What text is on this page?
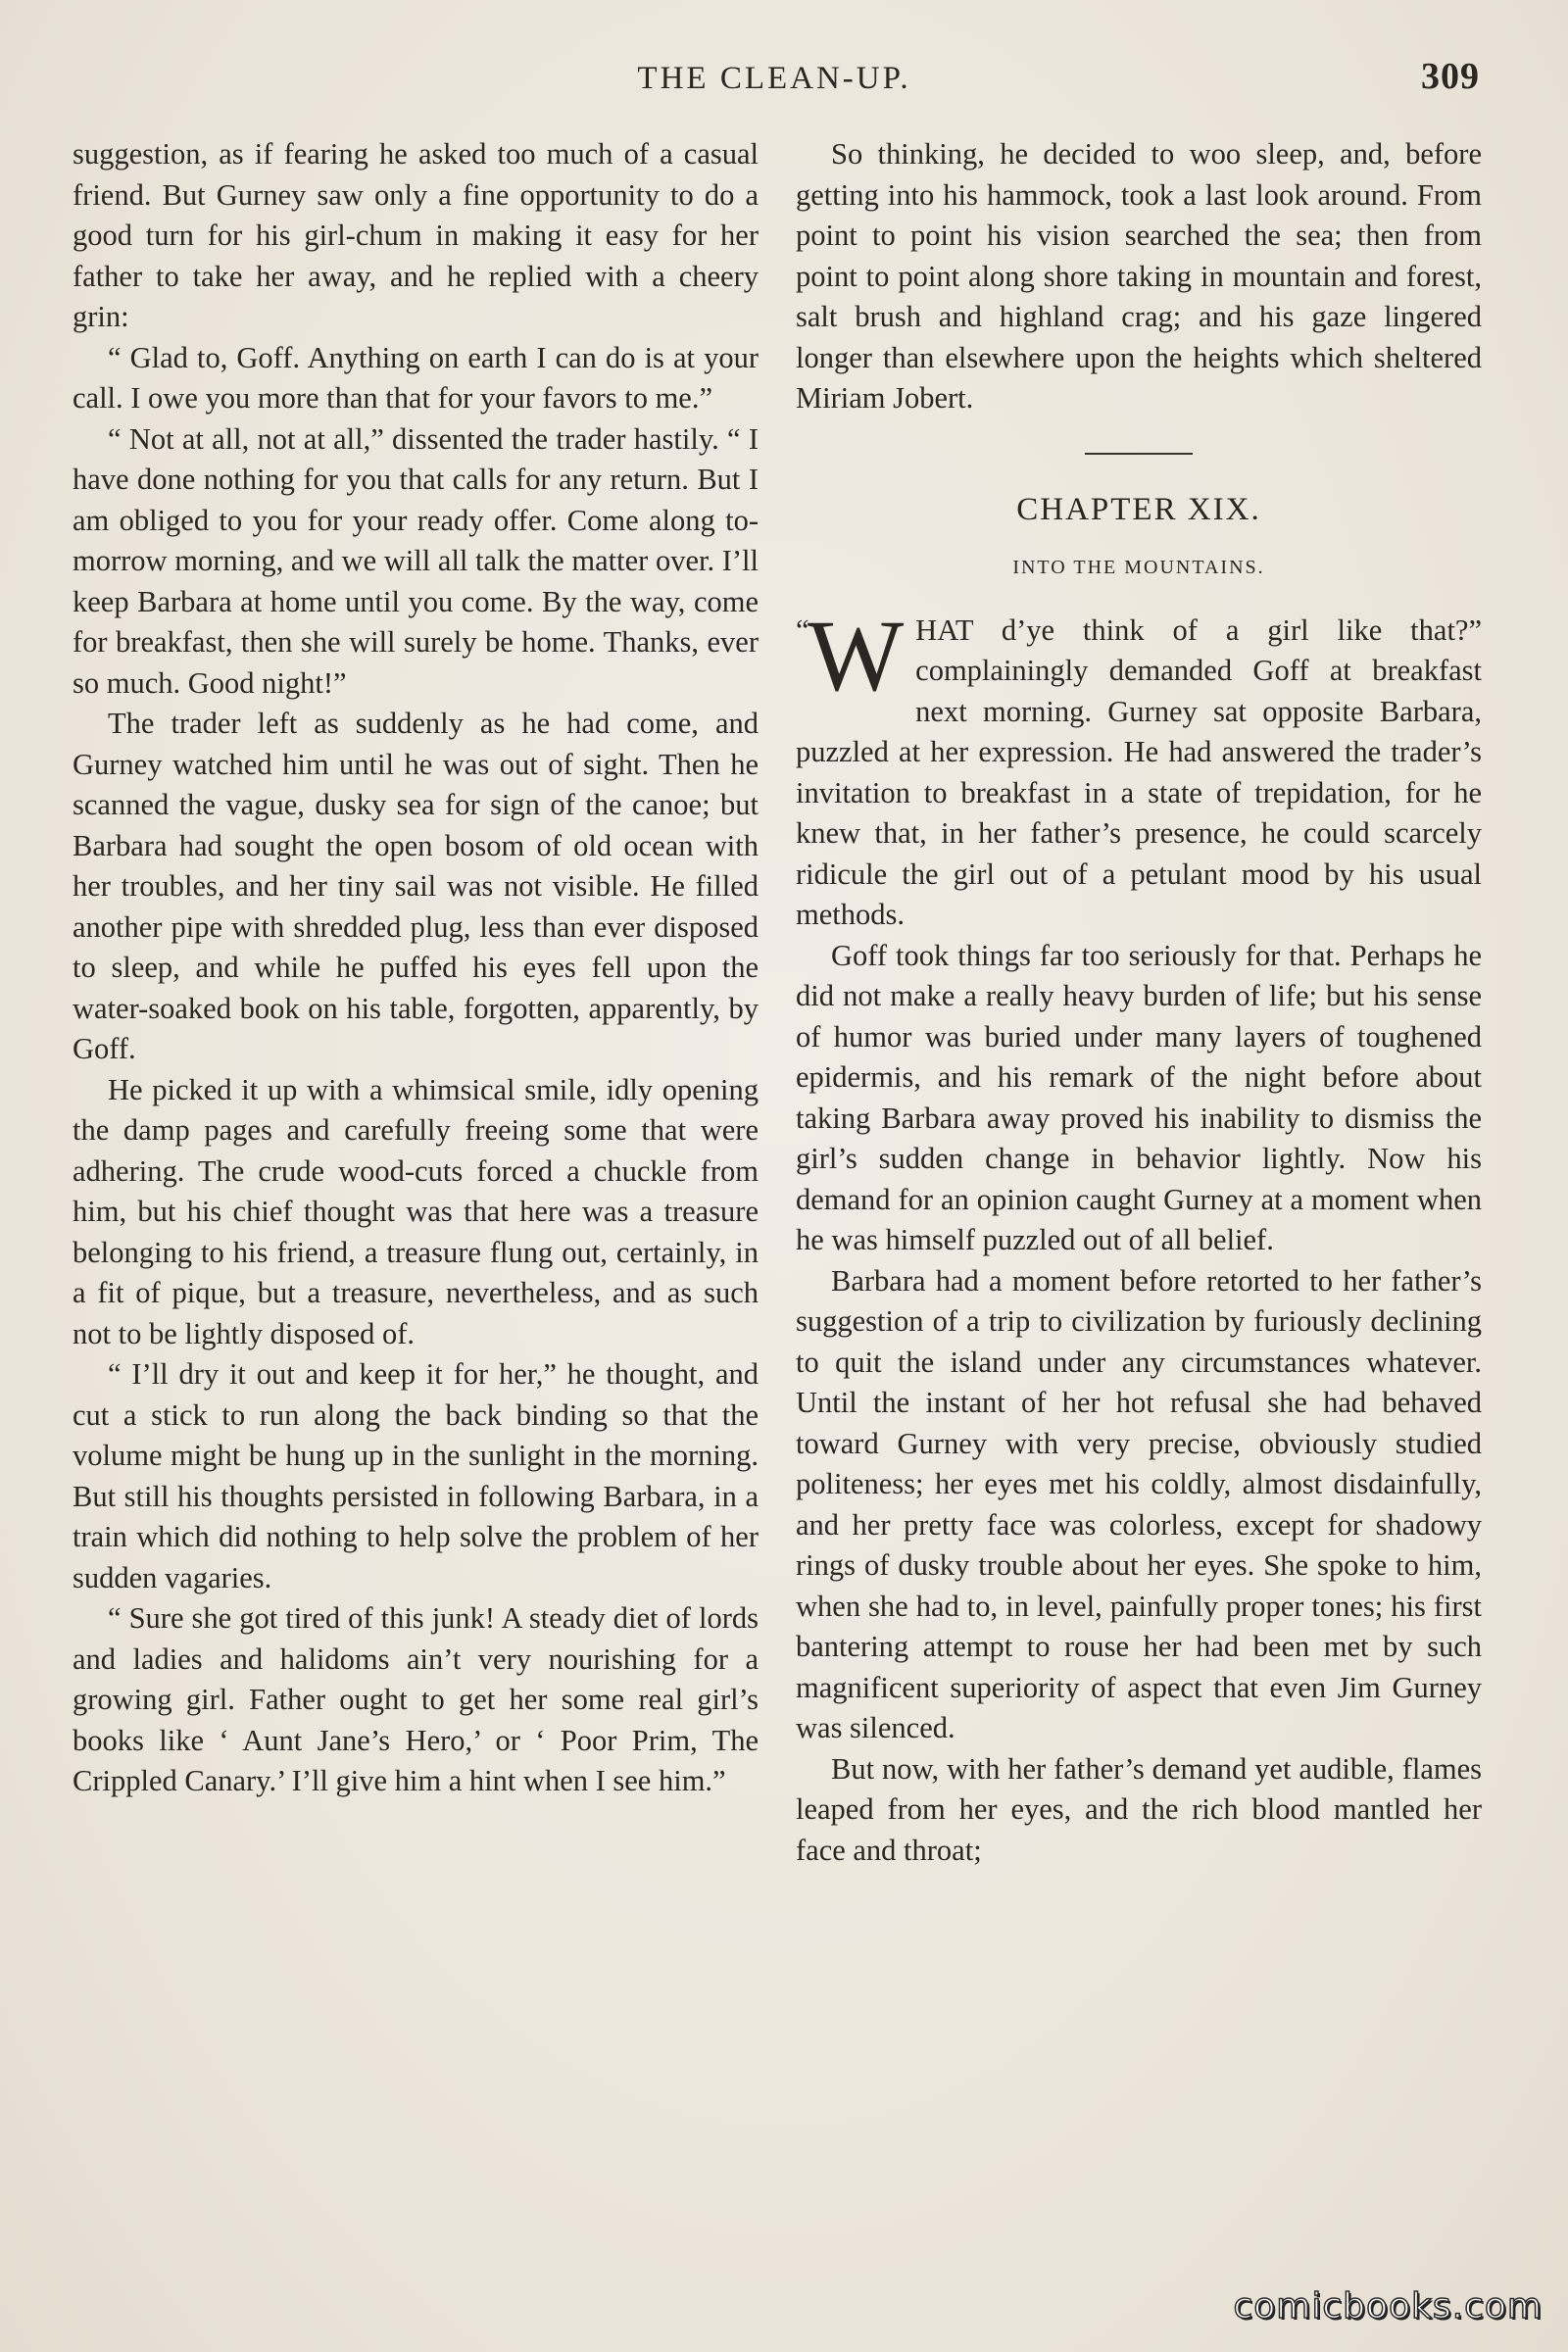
THE CLEAN-UP.	309

suggestion, as if fearing he asked too much of a casual friend. But Gurney saw only a fine opportunity to do a good turn for his girl-chum in making it easy for her father to take her away, and he replied with a cheery grin:

“ Glad to, Goff. Anything on earth I can do is at your call. I owe you more than that for your favors to me.”

“ Not at all, not at all,” dissented the trader hastily. “ I have done nothing for you that calls for any return. But I am obliged to you for your ready offer. Come along to-morrow morning, and we will all talk the matter over. I’ll keep Barbara at home until you come. By the way, come for breakfast, then she will surely be home. Thanks, ever so much. Good night!”

The trader left as suddenly as he had come, and Gurney watched him until he was out of sight. Then he scanned the vague, dusky sea for sign of the canoe; but Barbara had sought the open bosom of old ocean with her troubles, and her tiny sail was not visible. He filled another pipe with shredded plug, less than ever disposed to sleep, and while he puffed his eyes fell upon the water-soaked book on his table, forgotten, apparently, by Goff.

He picked it up with a whimsical smile, idly opening the damp pages and carefully freeing some that were adhering. The crude wood-cuts forced a chuckle from him, but his chief thought was that here was a treasure belonging to his friend, a treasure flung out, certainly, in a fit of pique, but a treasure, nevertheless, and as such not to be lightly disposed of.

“ I’ll dry it out and keep it for her,” he thought, and cut a stick to run along the back binding so that the volume might be hung up in the sunlight in the morning. But still his thoughts persisted in following Barbara, in a train which did nothing to help solve the problem of her sudden vagaries.

“ Sure she got tired of this junk! A steady diet of lords and ladies and halidoms ain’t very nourishing for a growing girl. Father ought to get her some real girl’s books like ‘ Aunt Jane’s Hero,’ or ‘ Poor Prim, The Crippled Canary.’ I’ll give him a hint when I see him.”

So thinking, he decided to woo sleep, and, before getting into his hammock, took a last look around. From point to point his vision searched the sea; then from point to point along shore taking in mountain and forest, salt brush and highland crag; and his gaze lingered longer than elsewhere upon the heights which sheltered Miriam Jobert.

CHAPTER XIX.
INTO THE MOUNTAINS.
“
W HAT d’ye think of a girl like that?” complainingly demanded Goff at breakfast next morning. Gurney sat opposite Barbara, puzzled at her expression. He had answered the trader’s invitation to breakfast in a state of trepidation, for he knew that, in her father’s presence, he could scarcely ridicule the girl out of a petulant mood by his usual methods.

Goff took things far too seriously for that. Perhaps he did not make a really heavy burden of life; but his sense of humor was buried under many layers of toughened epidermis, and his remark of the night before about taking Barbara away proved his inability to dismiss the girl’s sudden change in behavior lightly. Now his demand for an opinion caught Gurney at a moment when he was himself puzzled out of all belief.

Barbara had a moment before retorted to her father’s suggestion of a trip to civilization by furiously declining to quit the island under any circumstances whatever. Until the instant of her hot refusal she had behaved toward Gurney with very precise, obviously studied politeness; her eyes met his coldly, almost disdainfully, and her pretty face was colorless, except for shadowy rings of dusky trouble about her eyes. She spoke to him, when she had to, in level, painfully proper tones; his first bantering attempt to rouse her had been met by such magnificent superiority of aspect that even Jim Gurney was silenced.

But now, with her father’s demand yet audible, flames leaped from her eyes, and the rich blood mantled her face and throat;

comicbooks.com
